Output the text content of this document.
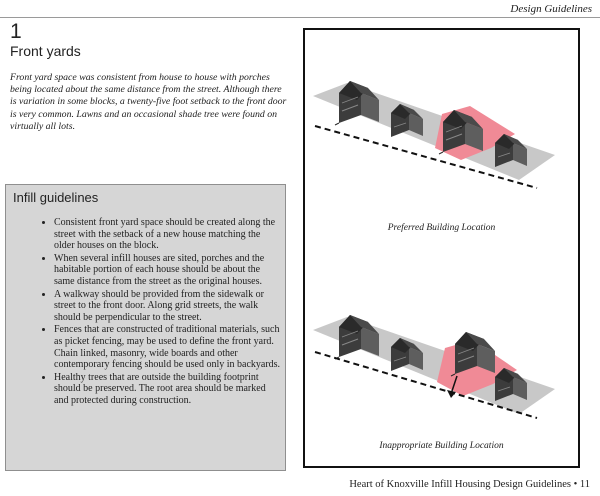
Design Guidelines
1
Front yards

Front yard space was consistent from house to house with porches being located about the same distance from the street. Although there is variation in some blocks, a twenty-five foot setback to the front door is very common. Lawns and an occasional shade tree were found on virtually all lots.

Infill guidelines
• Consistent front yard space should be created along the street with the setback of a new house matching the older houses on the block.
• When several infill houses are sited, porches and the habitable portion of each house should be about the same distance from the street as the original houses.
• A walkway should be provided from the sidewalk or street to the front door. Along grid streets, the walk should be perpendicular to the street.
• Fences that are constructed of traditional materials, such as picket fencing, may be used to define the front yard. Chain linked, masonry, wide boards and other contemporary fencing should be used only in backyards.
• Healthy trees that are outside the building footprint should be preserved. The root area should be marked and protected during construction.
Preferred Building Location
Inappropriate Building Location
Heart of Knoxville Infill Housing Design Guidelines • 11
